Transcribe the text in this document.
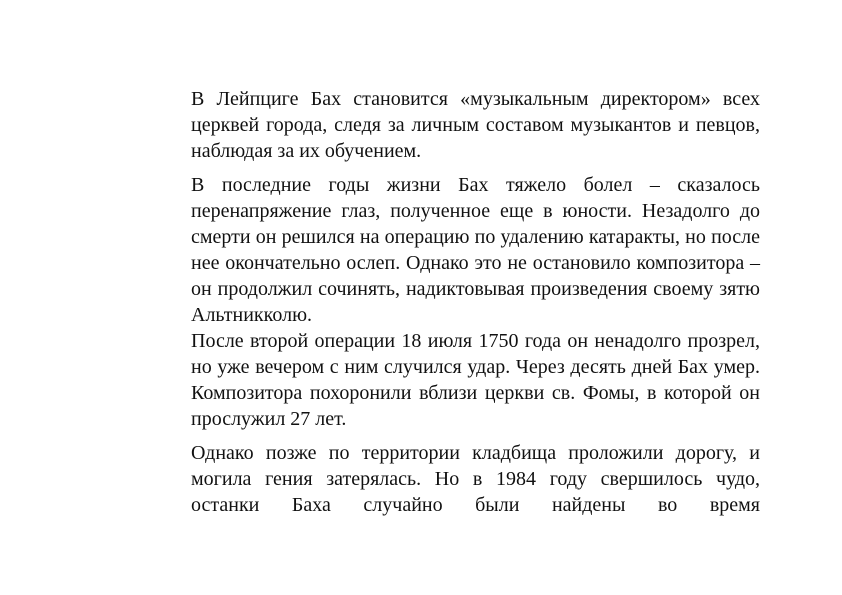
В Лейпциге Бах становится «музыкальным директором» всех церквей города, следя за личным составом музыкантов и певцов, наблюдая за их обучением.

В последние годы жизни Бах тяжело болел – сказалось перенапряжение глаз, полученное еще в юности. Незадолго до смерти он решился на операцию по удалению катаракты, но после нее окончательно ослеп. Однако это не остановило композитора – он продолжил сочинять, надиктовывая произведения своему зятю Альтникколю.

После второй операции 18 июля 1750 года он ненадолго прозрел, но уже вечером с ним случился удар. Через десять дней Бах умер. Композитора похоронили вблизи церкви св. Фомы, в которой он прослужил 27 лет.

Однако позже по территории кладбища проложили дорогу, и могила гения затерялась. Но в 1984 году свершилось чудо, останки Баха случайно были найдены во время
